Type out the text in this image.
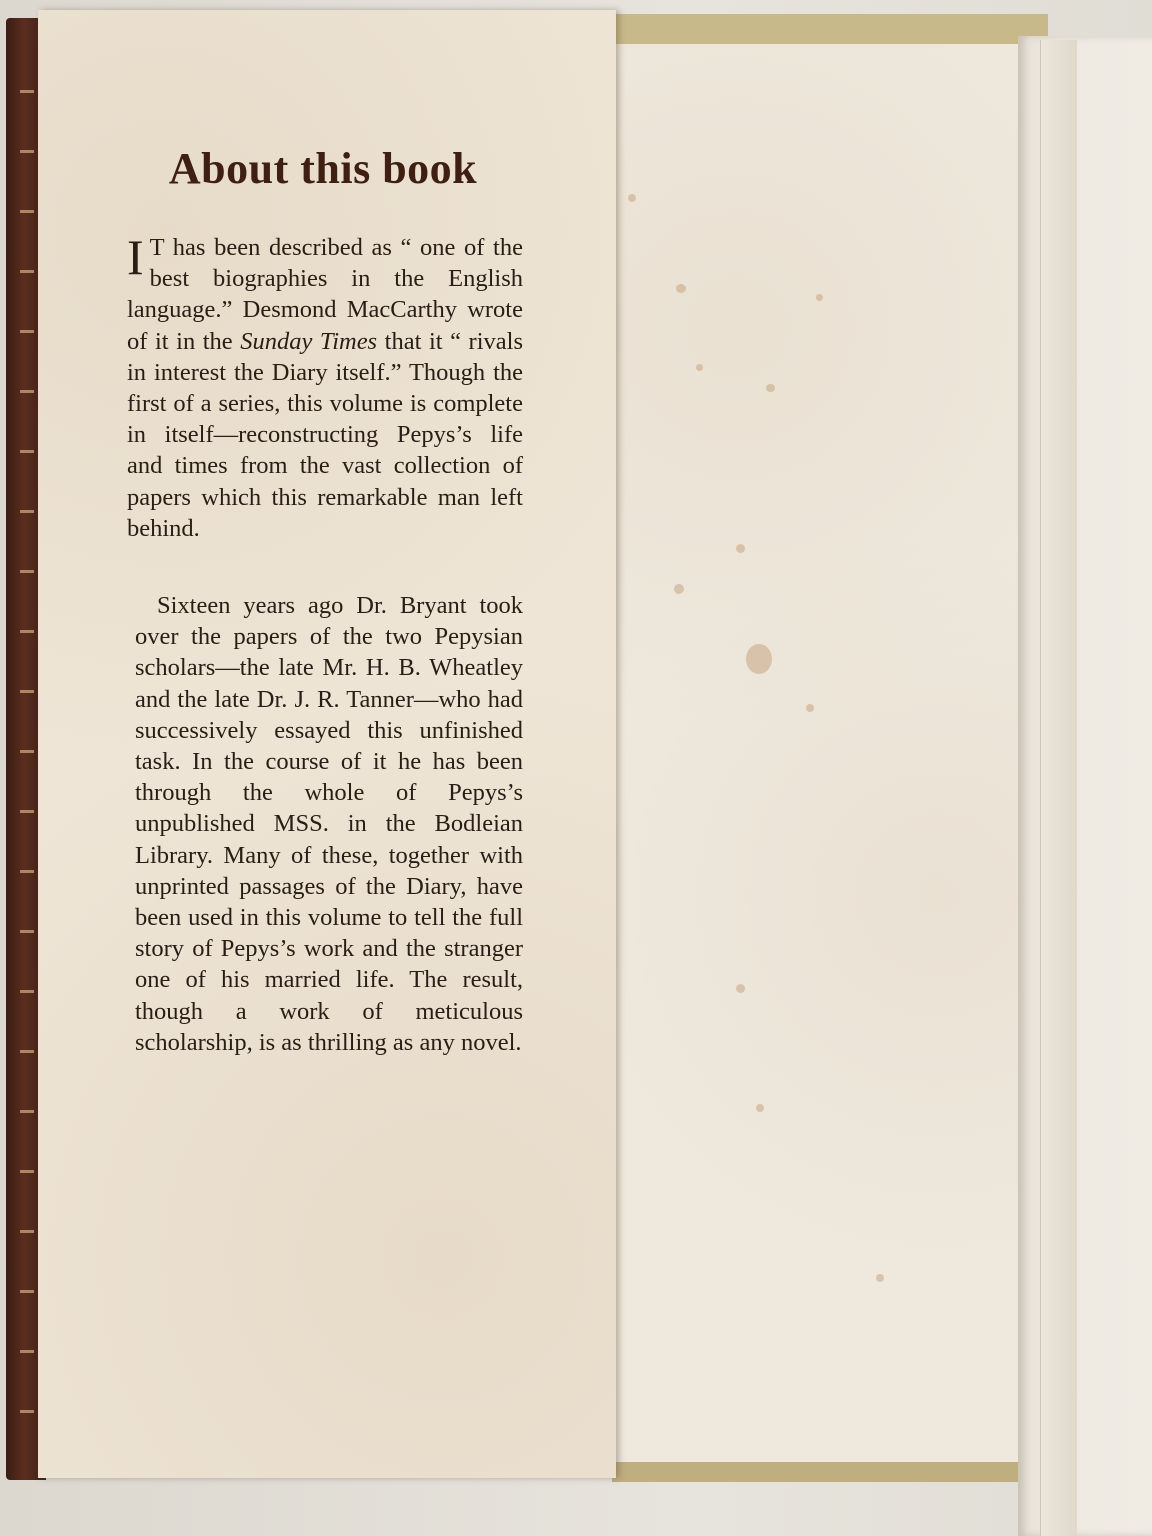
About this book

I T has been described as “ one of the best biographies in the English language.” Desmond MacCarthy wrote of it in the Sunday Times that it “ rivals in interest the Diary itself.” Though the first of a series, this volume is complete in itself—reconstructing Pepys’s life and times from the vast collection of papers which this remarkable man left behind.

Sixteen years ago Dr. Bryant took over the papers of the two Pepysian scholars—the late Mr. H. B. Wheatley and the late Dr. J. R. Tanner—who had successively essayed this unfinished task. In the course of it he has been through the whole of Pepys’s unpublished MSS. in the Bodleian Library. Many of these, together with unprinted passages of the Diary, have been used in this volume to tell the full story of Pepys’s work and the stranger one of his married life. The result, though a work of meticulous scholarship, is as thrilling as any novel.
